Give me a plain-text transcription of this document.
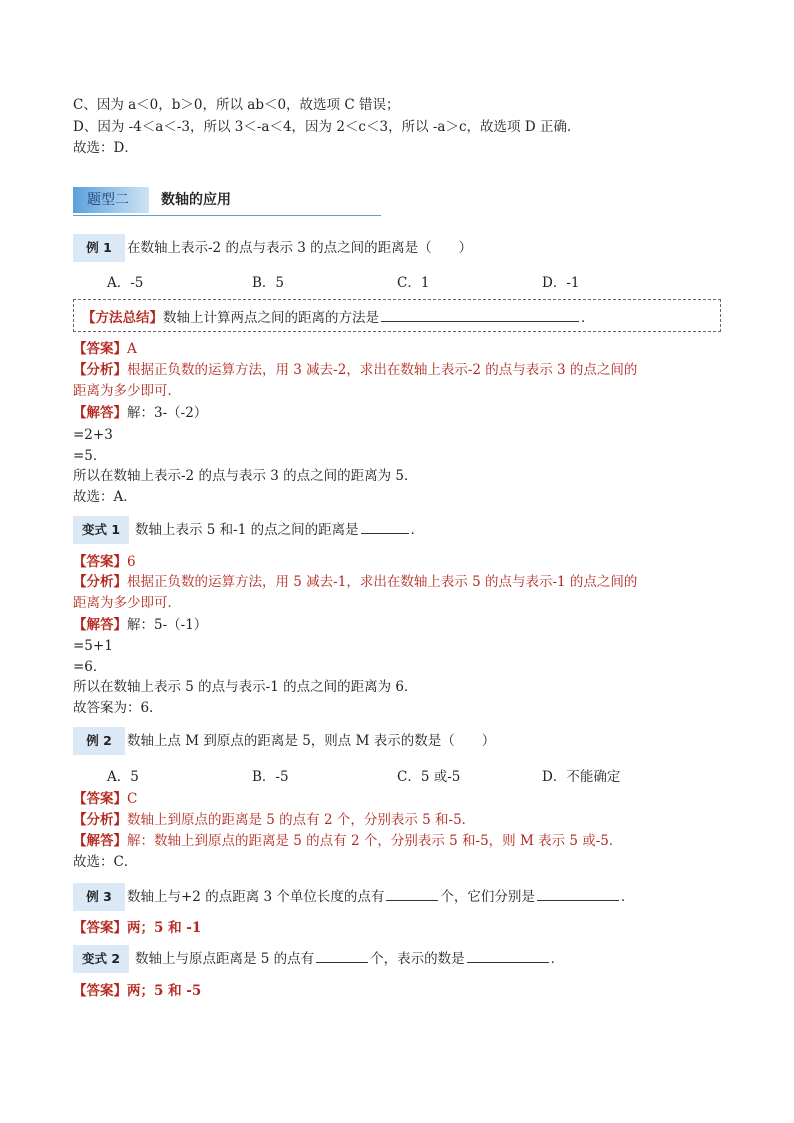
C、因为 a＜0，b＞0，所以 ab＜0，故选项 C 错误；
D、因为 -4＜a＜-3，所以 3＜-a＜4，因为 2＜c＜3，所以 -a＞c，故选项 D 正确．
故选：D．
题型二	数轴的应用
例 1	在数轴上表示-2 的点与表示 3 的点之间的距离是（　　）
A．-5	B．5	C．1	D．-1
【方法总结】数轴上计算两点之间的距离的方法是	．
【答案】A
【分析】根据正负数的运算方法，用 3 减去-2，求出在数轴上表示-2 的点与表示 3 的点之间的
距离为多少即可．
【解答】解：3-（-2）
=2+3
=5．
所以在数轴上表示-2 的点与表示 3 的点之间的距离为 5．
故选：A．
变式 1	数轴上表示 5 和-1 的点之间的距离是	．
【答案】6
【分析】根据正负数的运算方法，用 5 减去-1，求出在数轴上表示 5 的点与表示-1 的点之间的
距离为多少即可．
【解答】解：5-（-1）
=5+1
=6．
所以在数轴上表示 5 的点与表示-1 的点之间的距离为 6．
故答案为：6．
例 2	数轴上点 M 到原点的距离是 5，则点 M 表示的数是（　　）
A．5	B．-5	C．5 或-5	D．不能确定
【答案】C
【分析】数轴上到原点的距离是 5 的点有 2 个，分别表示 5 和-5．
【解答】解：数轴上到原点的距离是 5 的点有 2 个，分别表示 5 和-5，则 M 表示 5 或-5．
故选：C．
例 3	数轴上与+2 的点距离 3 个单位长度的点有	个，它们分别是	．
【答案】两；5 和 -1
变式 2	数轴上与原点距离是 5 的点有	个，表示的数是	．
【答案】两；5 和 -5
